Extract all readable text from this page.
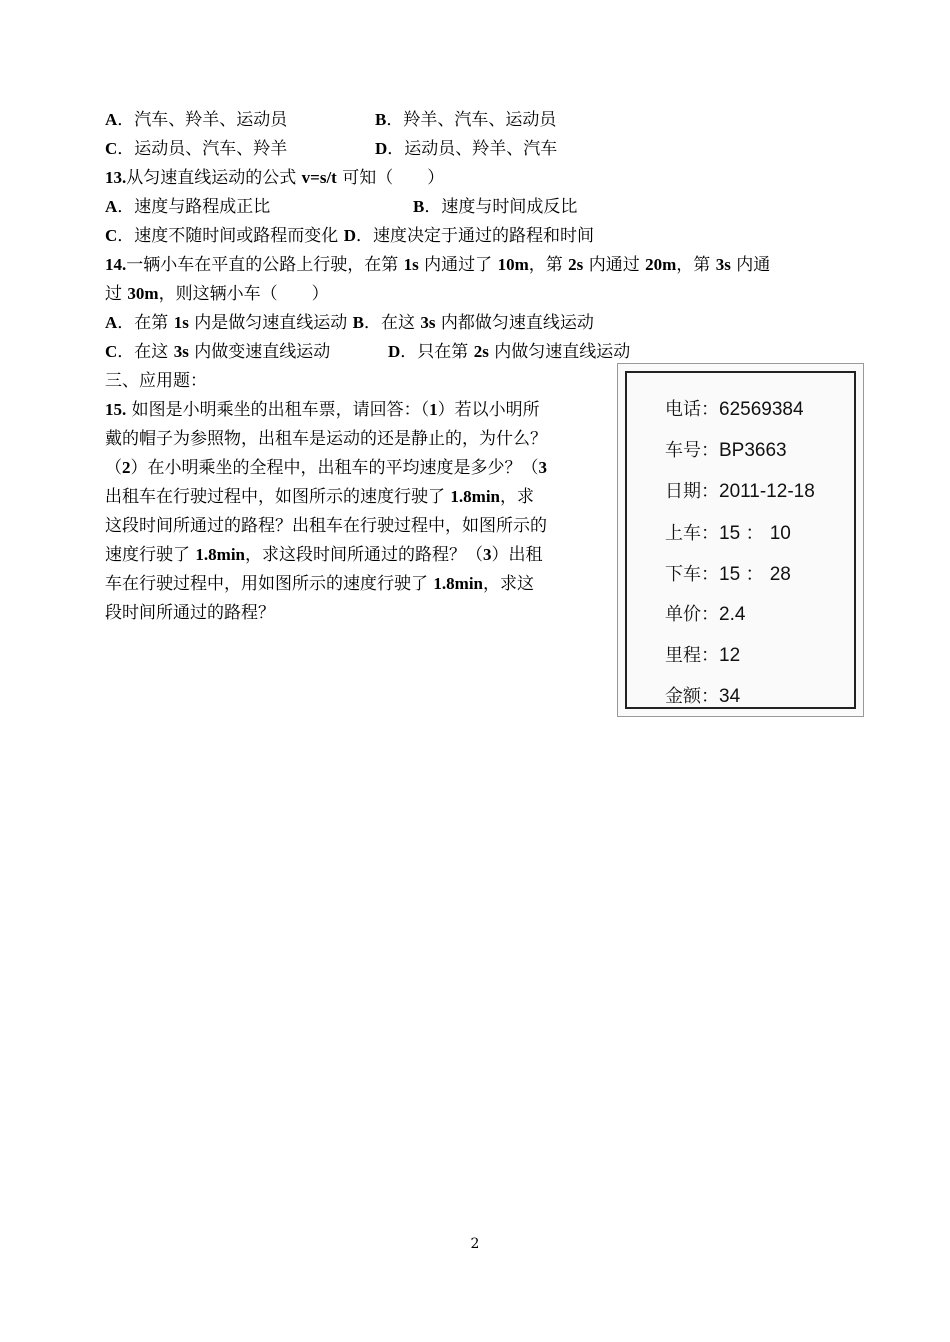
A．汽车、羚羊、运动员	B．羚羊、汽车、运动员
C．运动员、汽车、羚羊	D．运动员、羚羊、汽车
13.从匀速直线运动的公式 v=s/t 可知（　　）
A．速度与路程成正比	B．速度与时间成反比
C．速度不随时间或路程而变化 D．速度决定于通过的路程和时间
14.一辆小车在平直的公路上行驶，在第 1s 内通过了 10m，第 2s 内通过 20m，第 3s 内通
过 30m，则这辆小车（　　）
A．在第 1s 内是做匀速直线运动 B．在这 3s 内都做匀速直线运动
C．在这 3s 内做变速直线运动	D．只在第 2s 内做匀速直线运动
三、应用题：
15. 如图是小明乘坐的出租车票，请回答：（1）若以小明所
戴的帽子为参照物，出租车是运动的还是静止的，为什么？
（2）在小明乘坐的全程中，出租车的平均速度是多少？（3
出租车在行驶过程中，如图所示的速度行驶了 1.8min，求
这段时间所通过的路程？出租车在行驶过程中，如图所示的
速度行驶了 1.8min，求这段时间所通过的路程？（3）出租
车在行驶过程中，用如图所示的速度行驶了 1.8min，求这
段时间所通过的路程？
电话：62569384
车号：BP3663
日期：2011-12-18
上车：15 ： 10
下车：15 ： 28
单价：2.4
里程：12
金额：34
2
